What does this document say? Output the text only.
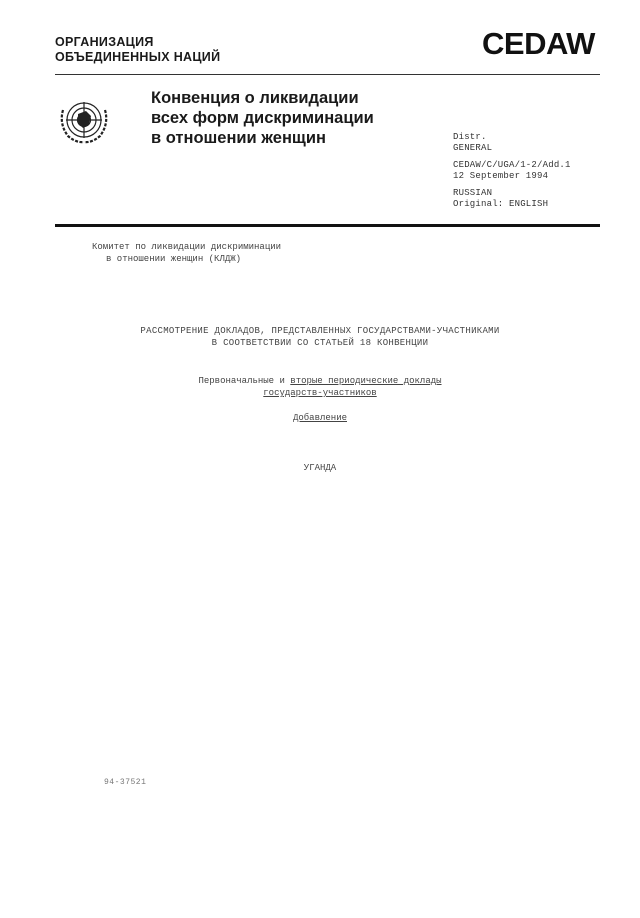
ОРГАНИЗАЦИЯ
ОБЪЕДИНЕННЫХ НАЦИЙ	CEDAW
Конвенция о ликвидации
всех форм дискриминации
в отношении женщин	Distr.
GENERAL
CEDAW/C/UGA/1-2/Add.1
12 September 1994
RUSSIAN
Original: ENGLISH
Комитет по ликвидации дискриминации
в отношении женщин (КЛДЖ)
РАССМОТРЕНИЕ ДОКЛАДОВ, ПРЕДСТАВЛЕННЫХ ГОСУДАРСТВАМИ-УЧАСТНИКАМИ
В СООТВЕТСТВИИ СО СТАТЬЕЙ 18 КОНВЕНЦИИ
Первоначальные и вторые периодические доклады
государств-участников
Добавление
УГАНДА
94-37521
